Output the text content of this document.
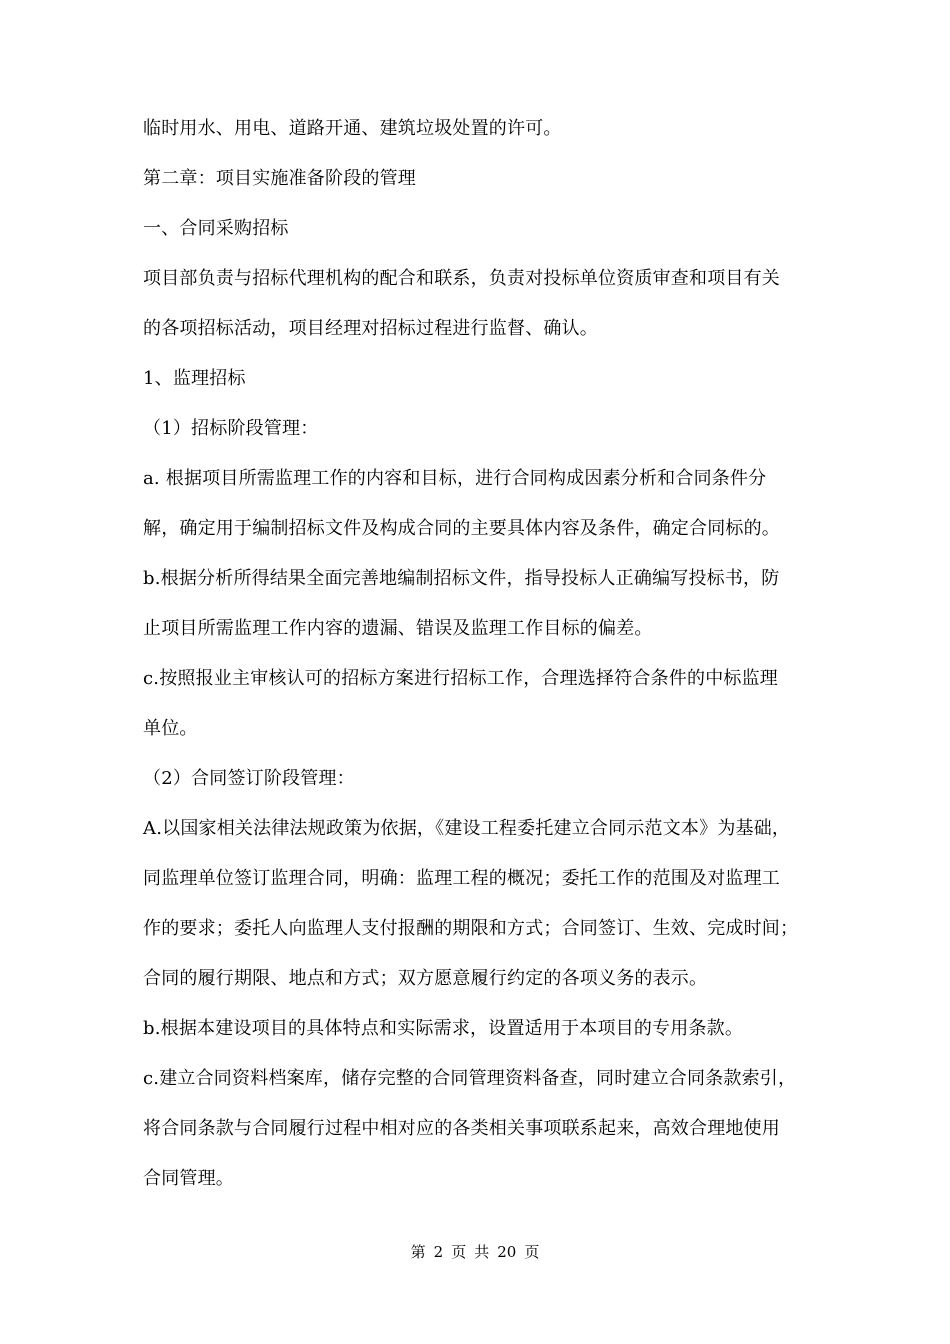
临时用水、用电、道路开通、建筑垃圾处置的许可。
第二章：项目实施准备阶段的管理
一、合同采购招标
项目部负责与招标代理机构的配合和联系，负责对投标单位资质审查和项目有关
的各项招标活动，项目经理对招标过程进行监督、确认。
1、监理招标
（1）招标阶段管理：
a. 根据项目所需监理工作的内容和目标，进行合同构成因素分析和合同条件分
解，确定用于编制招标文件及构成合同的主要具体内容及条件，确定合同标的。
b.根据分析所得结果全面完善地编制招标文件，指导投标人正确编写投标书，防
止项目所需监理工作内容的遗漏、错误及监理工作目标的偏差。
c.按照报业主审核认可的招标方案进行招标工作，合理选择符合条件的中标监理
单位。
（2）合同签订阶段管理：
A.以国家相关法律法规政策为依据，《建设工程委托建立合同示范文本》为基础，
同监理单位签订监理合同，明确：监理工程的概况；委托工作的范围及对监理工
作的要求；委托人向监理人支付报酬的期限和方式；合同签订、生效、完成时间；
合同的履行期限、地点和方式；双方愿意履行约定的各项义务的表示。
b.根据本建设项目的具体特点和实际需求，设置适用于本项目的专用条款。
c.建立合同资料档案库，储存完整的合同管理资料备查，同时建立合同条款索引，
将合同条款与合同履行过程中相对应的各类相关事项联系起来，高效合理地使用
合同管理。
第 2 页 共 20 页
